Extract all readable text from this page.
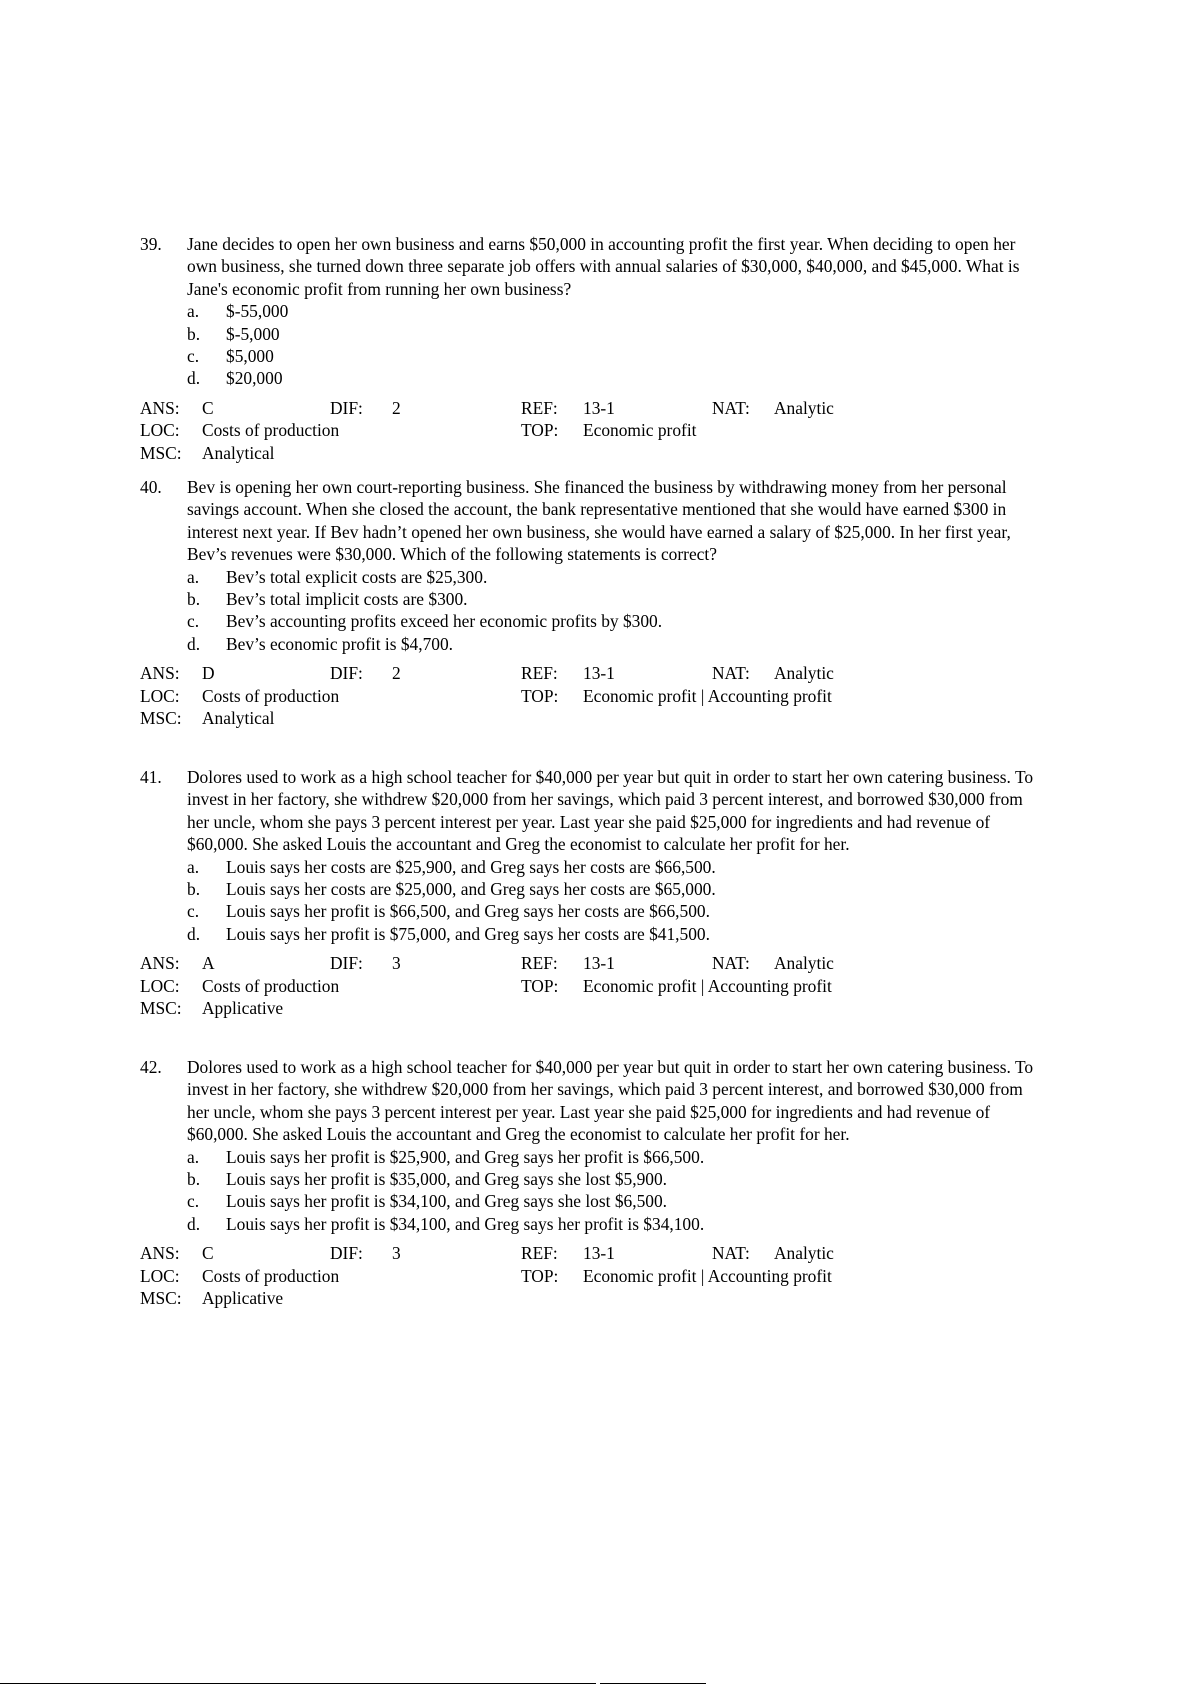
39. Jane decides to open her own business and earns $50,000 in accounting profit the first year. When deciding to open her own business, she turned down three separate job offers with annual salaries of $30,000, $40,000, and $45,000. What is Jane's economic profit from running her own business?
a. $-55,000
b. $-5,000
c. $5,000
d. $20,000
ANS: C	DIF: 2	REF: 13-1	NAT: Analytic
LOC: Costs of production	TOP: Economic profit
MSC: Analytical
40. Bev is opening her own court-reporting business. She financed the business by withdrawing money from her personal savings account. When she closed the account, the bank representative mentioned that she would have earned $300 in interest next year. If Bev hadn’t opened her own business, she would have earned a salary of $25,000. In her first year, Bev’s revenues were $30,000. Which of the following statements is correct?
a. Bev’s total explicit costs are $25,300.
b. Bev’s total implicit costs are $300.
c. Bev’s accounting profits exceed her economic profits by $300.
d. Bev’s economic profit is $4,700.
ANS: D	DIF: 2	REF: 13-1	NAT: Analytic
LOC: Costs of production	TOP: Economic profit | Accounting profit
MSC: Analytical
41. Dolores used to work as a high school teacher for $40,000 per year but quit in order to start her own catering business. To invest in her factory, she withdrew $20,000 from her savings, which paid 3 percent interest, and borrowed $30,000 from her uncle, whom she pays 3 percent interest per year. Last year she paid $25,000 for ingredients and had revenue of $60,000. She asked Louis the accountant and Greg the economist to calculate her profit for her.
a. Louis says her costs are $25,900, and Greg says her costs are $66,500.
b. Louis says her costs are $25,000, and Greg says her costs are $65,000.
c. Louis says her profit is $66,500, and Greg says her costs are $66,500.
d. Louis says her profit is $75,000, and Greg says her costs are $41,500.
ANS: A	DIF: 3	REF: 13-1	NAT: Analytic
LOC: Costs of production	TOP: Economic profit | Accounting profit
MSC: Applicative
42. Dolores used to work as a high school teacher for $40,000 per year but quit in order to start her own catering business. To invest in her factory, she withdrew $20,000 from her savings, which paid 3 percent interest, and borrowed $30,000 from her uncle, whom she pays 3 percent interest per year. Last year she paid $25,000 for ingredients and had revenue of $60,000. She asked Louis the accountant and Greg the economist to calculate her profit for her.
a. Louis says her profit is $25,900, and Greg says her profit is $66,500.
b. Louis says her profit is $35,000, and Greg says she lost $5,900.
c. Louis says her profit is $34,100, and Greg says she lost $6,500.
d. Louis says her profit is $34,100, and Greg says her profit is $34,100.
ANS: C	DIF: 3	REF: 13-1	NAT: Analytic
LOC: Costs of production	TOP: Economic profit | Accounting profit
MSC: Applicative
